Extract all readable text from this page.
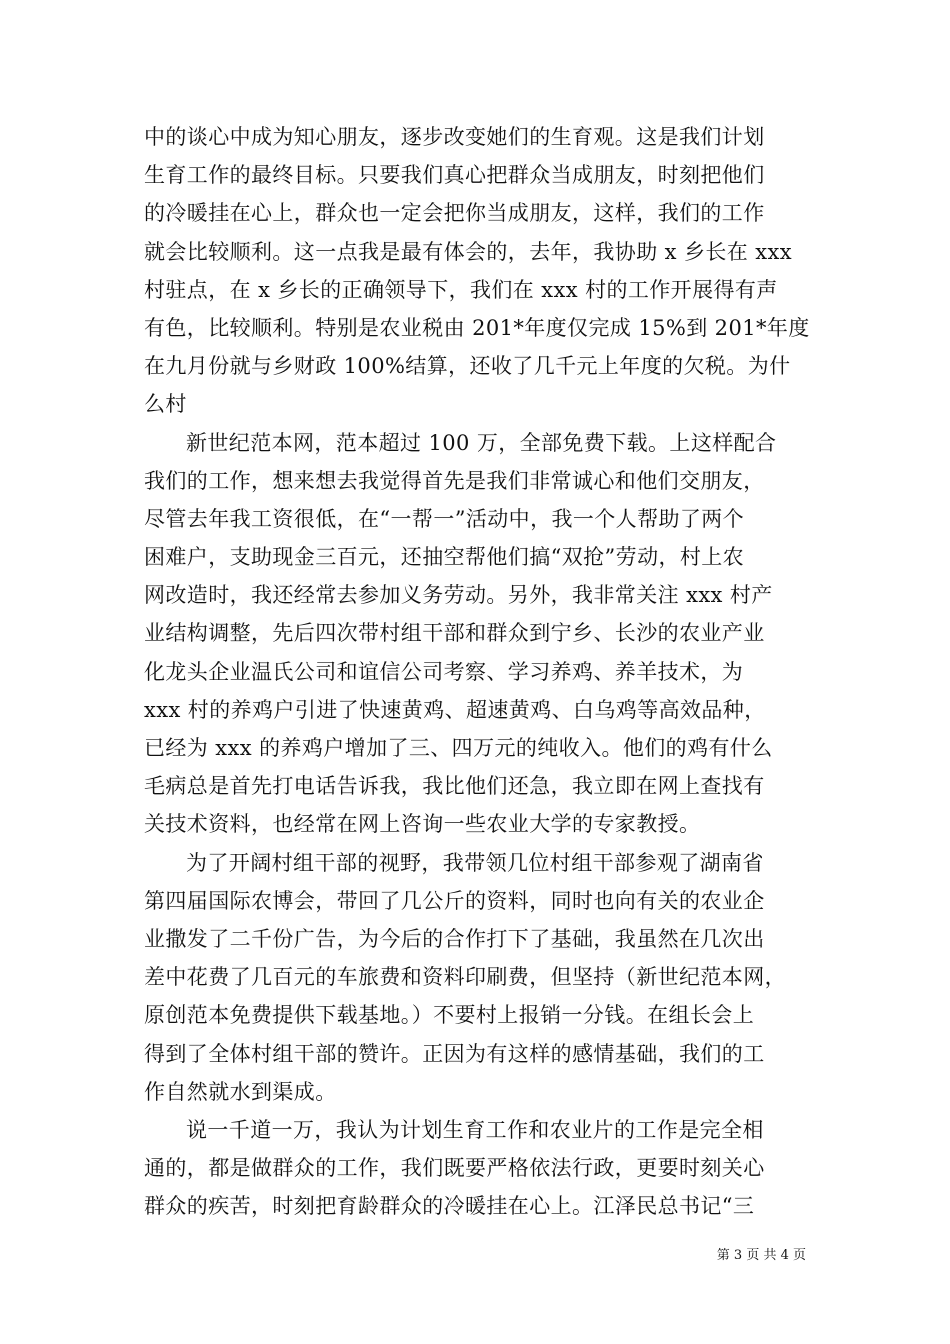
中的谈心中成为知心朋友，逐步改变她们的生育观。这是我们计划
生育工作的最终目标。只要我们真心把群众当成朋友，时刻把他们
的冷暖挂在心上，群众也一定会把你当成朋友，这样，我们的工作
就会比较顺利。这一点我是最有体会的，去年，我协助 x 乡长在 xxx
村驻点，在 x 乡长的正确领导下，我们在 xxx 村的工作开展得有声
有色，比较顺利。特别是农业税由 201*年度仅完成 15%到 201*年度
在九月份就与乡财政 100%结算，还收了几千元上年度的欠税。为什
么村
新世纪范本网，范本超过 100 万，全部免费下载。上这样配合
我们的工作，想来想去我觉得首先是我们非常诚心和他们交朋友，
尽管去年我工资很低，在“一帮一”活动中，我一个人帮助了两个
困难户，支助现金三百元，还抽空帮他们搞“双抢”劳动，村上农
网改造时，我还经常去参加义务劳动。另外，我非常关注 xxx 村产
业结构调整，先后四次带村组干部和群众到宁乡、长沙的农业产业
化龙头企业温氏公司和谊信公司考察、学习养鸡、养羊技术，为
xxx 村的养鸡户引进了快速黄鸡、超速黄鸡、白乌鸡等高效品种，
已经为 xxx 的养鸡户增加了三、四万元的纯收入。他们的鸡有什么
毛病总是首先打电话告诉我，我比他们还急，我立即在网上查找有
关技术资料，也经常在网上咨询一些农业大学的专家教授。
为了开阔村组干部的视野，我带领几位村组干部参观了湖南省
第四届国际农博会，带回了几公斤的资料，同时也向有关的农业企
业撒发了二千份广告，为今后的合作打下了基础，我虽然在几次出
差中花费了几百元的车旅费和资料印刷费，但坚持（新世纪范本网，
原创范本免费提供下载基地。）不要村上报销一分钱。在组长会上
得到了全体村组干部的赞许。正因为有这样的感情基础，我们的工
作自然就水到渠成。
说一千道一万，我认为计划生育工作和农业片的工作是完全相
通的，都是做群众的工作，我们既要严格依法行政，更要时刻关心
群众的疾苦，时刻把育龄群众的冷暖挂在心上。江泽民总书记“三
第 3 页 共 4 页
